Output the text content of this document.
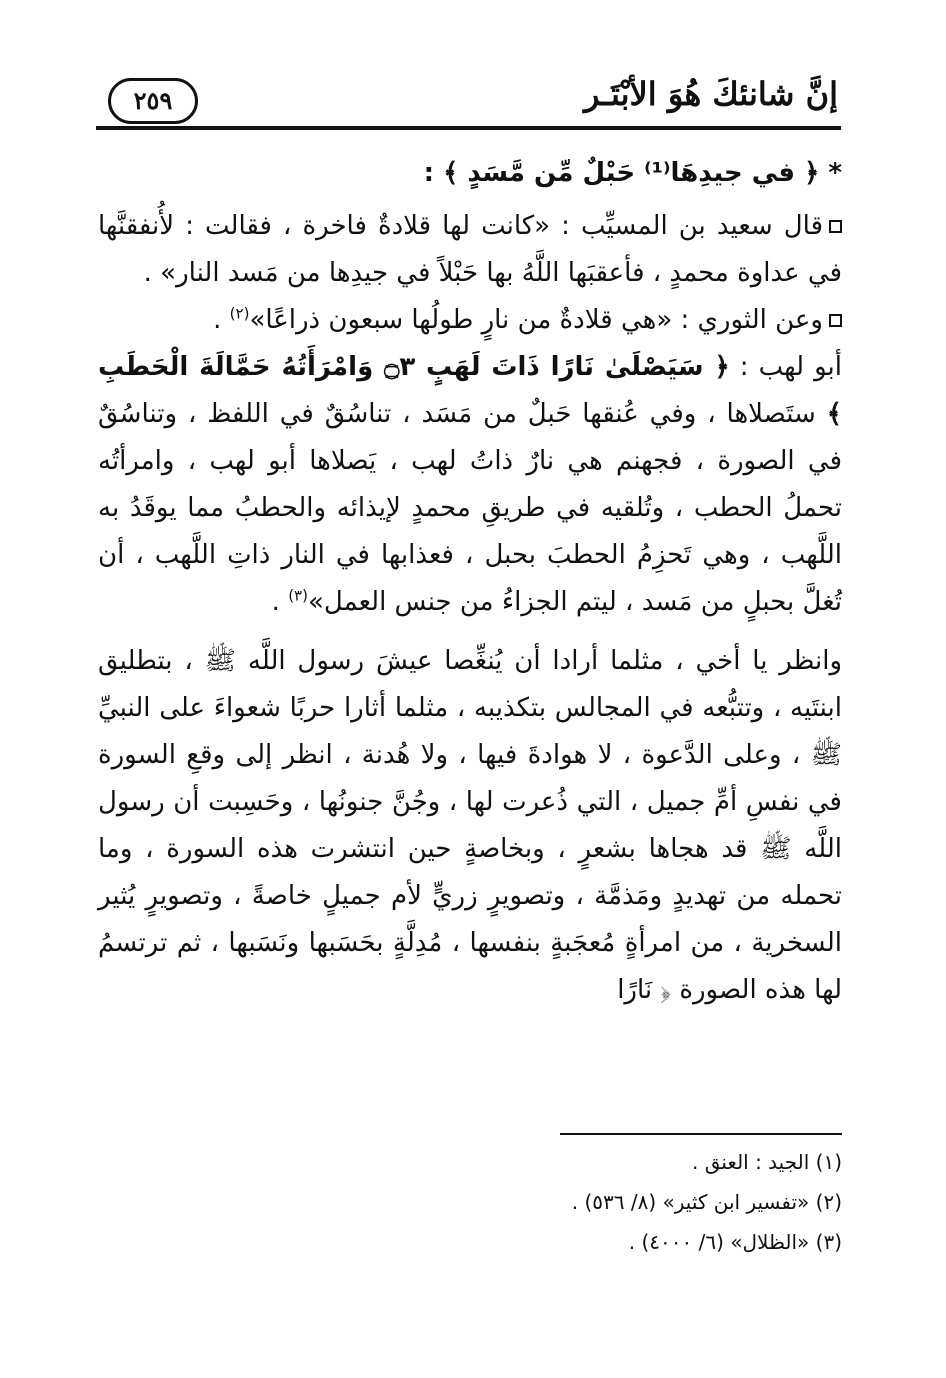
إنَّ شانئكَ هُوَ الأبْتَـر
٢٥٩

* ﴿ في جيدِهَا⁽¹⁾ حَبْلٌ مِّن مَّسَدٍ ﴾ :

قال سعيد بن المسيِّب : «كانت لها قلادةٌ فاخرة ، فقالت : لأُنفقنَّها في عداوة محمدٍ ، فأعقبَها اللَّهُ بها حَبْلاً في جيدِها من مَسد النار» .

وعن الثوري : «هي قلادةٌ من نارٍ طولُها سبعون ذراعًا»$^{(٢)}$ .

أبو لهب : ﴿ سَيَصْلَىٰ نَارًا ذَاتَ لَهَبٍ ۝٣ وَامْرَأَتُهُ حَمَّالَةَ الْحَطَبِ ﴾ ستَصلاها ، وفي عُنقها حَبلٌ من مَسَد ، تناسُقٌ في اللفظ ، وتناسُقٌ في الصورة ، فجهنم هي نارٌ ذاتُ لهب ، يَصلاها أبو لهب ، وامرأتُه تحملُ الحطب ، وتُلقيه في طريقِ محمدٍ لإيذائه والحطبُ مما يوقَدُ به اللَّهب ، وهي تَحزِمُ الحطبَ بحبل ، فعذابها في النار ذاتِ اللَّهب ، أن تُغلَّ بحبلٍ من مَسد ، ليتم الجزاءُ من جنس العمل»$^{(٣)}$ .

وانظر يا أخي ، مثلما أرادا أن يُنغِّصا عيشَ رسول اللَّه ﷺ ، بتطليق ابنتَيه ، وتتبُّعه في المجالس بتكذيبه ، مثلما أثارا حربًا شعواءَ على النبيِّ ﷺ ، وعلى الدَّعوة ، لا هوادةَ فيها ، ولا هُدنة ، انظر إلى وقعِ السورة في نفسِ أمِّ جميل ، التي ذُعرت لها ، وجُنَّ جنونُها ، وحَسِبت أن رسول اللَّه ﷺ قد هجاها بشعرٍ ، وبخاصةٍ حين انتشرت هذه السورة ، وما تحمله من تهديدٍ ومَذمَّة ، وتصويرٍ زريٍّ لأم جميلٍ خاصةً ، وتصويرٍ يُثير السخرية ، من امرأةٍ مُعجَبةٍ بنفسها ، مُدِلَّةٍ بحَسَبها ونَسَبها ، ثم ترتسمُ لها هذه الصورة ﴿ نَارًا

(١) الجيد : العنق .
(٢) «تفسير ابن كثير» (٨/ ٥٣٦) .
(٣) «الظلال» (٦/ ٤٠٠٠) .
